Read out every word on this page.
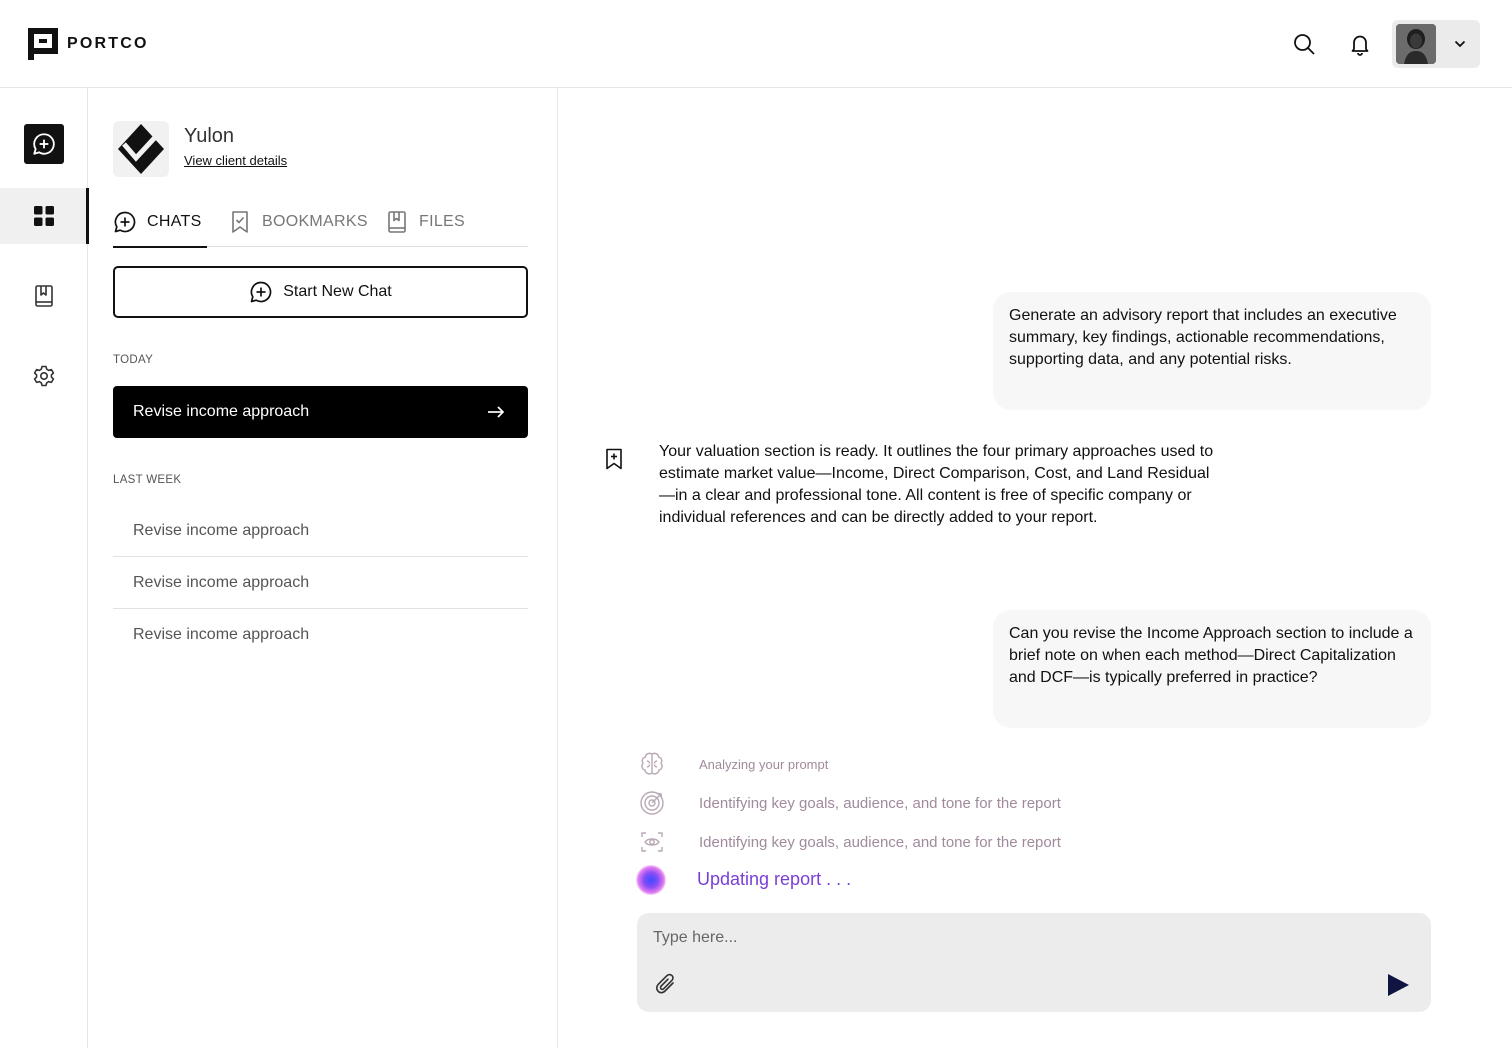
PORTCO
Yulon
View client details
CHATS	BOOKMARKS	FILES
Start New Chat
TODAY
Revise income approach
LAST WEEK
Revise income approach
Revise income approach
Revise income approach
Generate an advisory report that includes an executive summary, key findings, actionable recommendations, supporting data, and any potential risks.
Your valuation section is ready. It outlines the four primary approaches used to estimate market value—Income, Direct Comparison, Cost, and Land Residual—in a clear and professional tone. All content is free of specific company or individual references and can be directly added to your report.
Can you revise the Income Approach section to include a brief note on when each method—Direct Capitalization and DCF—is typically preferred in practice?
Analyzing your prompt
Identifying key goals, audience, and tone for the report
Identifying key goals, audience, and tone for the report
Updating report . . .
Type here...
